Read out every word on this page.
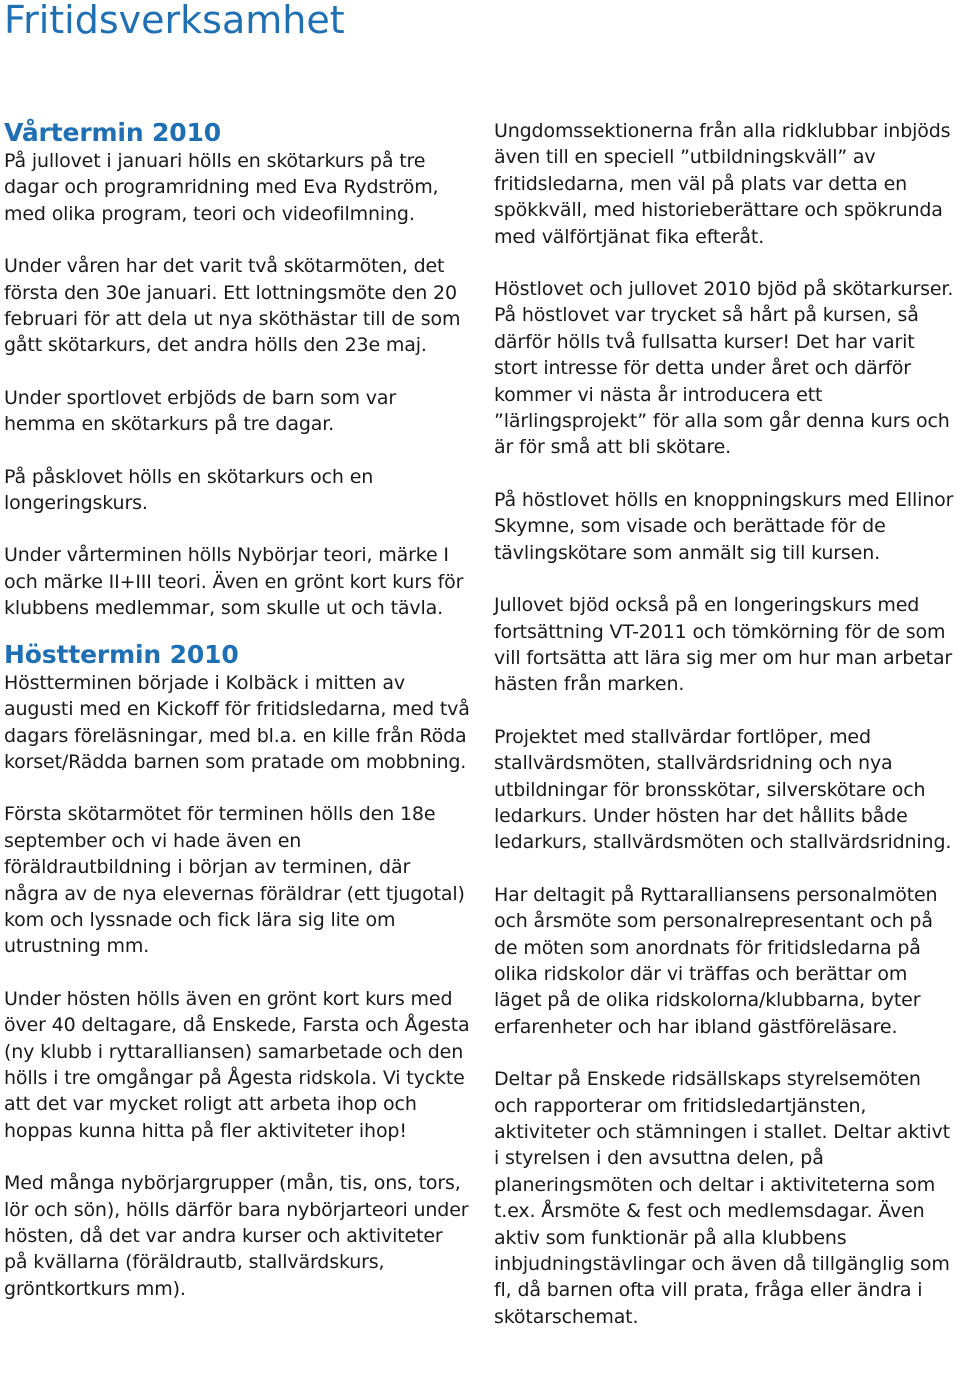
Fritidsverksamhet
Vårtermin 2010

På jullovet i januari hölls en skötarkurs på tre dagar och programridning med Eva Rydström, med olika program, teori och videofilmning.

Under våren har det varit två skötarmöten, det första den 30e januari. Ett lottningsmöte den 20 februari för att dela ut nya sköthästar till de som gått skötarkurs, det andra hölls den 23e maj.

Under sportlovet erbjöds de barn som var hemma en skötarkurs på tre dagar.

På påsklovet hölls en skötarkurs och en longeringskurs.

Under vårterminen hölls Nybörjar teori, märke I och märke II+III teori. Även en grönt kort kurs för klubbens medlemmar, som skulle ut och tävla.

Hösttermin 2010

Höstterminen började i Kolbäck i mitten av augusti med en Kickoff för fritidsledarna, med två dagars föreläsningar, med bl.a. en kille från Röda korset/Rädda barnen som pratade om mobbning.

Första skötarmötet för terminen hölls den 18e september och vi hade även en föräldrautbildning i början av terminen, där några av de nya elevernas föräldrar (ett tjugotal) kom och lyssnade och fick lära sig lite om utrustning mm.

Under hösten hölls även en grönt kort kurs med över 40 deltagare, då Enskede, Farsta och Ågesta (ny klubb i ryttaralliansen) samarbetade och den hölls i tre omgångar på Ågesta ridskola. Vi tyckte att det var mycket roligt att arbeta ihop och hoppas kunna hitta på fler aktiviteter ihop!

Med många nybörjargrupper (mån, tis, ons, tors, lör och sön), hölls därför bara nybörjarteori under hösten, då det var andra kurser och aktiviteter på kvällarna (föräldrautb, stallvärdskurs, gröntkortkurs mm).

Ungdomssektionerna från alla ridklubbar inbjöds även till en speciell ”utbildningskväll” av fritidsledarna, men väl på plats var detta en spökkväll, med historieberättare och spökrunda med välförtjänat fika efteråt.

Höstlovet och jullovet 2010 bjöd på skötarkurser. På höstlovet var trycket så hårt på kursen, så därför hölls två fullsatta kurser! Det har varit stort intresse för detta under året och därför kommer vi nästa år introducera ett ”lärlingsprojekt” för alla som går denna kurs och är för små att bli skötare.

På höstlovet hölls en knoppningskurs med Ellinor Skymne, som visade och berättade för de tävlingskötare som anmält sig till kursen.

Jullovet bjöd också på en longeringskurs med fortsättning VT-2011 och tömkörning för de som vill fortsätta att lära sig mer om hur man arbetar hästen från marken.

Projektet med stallvärdar fortlöper, med stallvärdsmöten, stallvärdsridning och nya utbildningar för bronsskötar, silverskötare och ledarkurs. Under hösten har det hållits både ledarkurs, stallvärdsmöten och stallvärdsridning.

Har deltagit på Ryttaralliansens personalmöten och årsmöte som personalrepresentant och på de möten som anordnats för fritidsledarna på olika ridskolor där vi träffas och berättar om läget på de olika ridskolorna/klubbarna, byter erfarenheter och har ibland gästföreläsare.

Deltar på Enskede ridsällskaps styrelsemöten och rapporterar om fritidsledartjänsten, aktiviteter och stämningen i stallet. Deltar aktivt i styrelsen i den avsuttna delen, på planeringsmöten och deltar i aktiviteterna som t.ex. Årsmöte & fest och medlemsdagar. Även aktiv som funktionär på alla klubbens inbjudningstävlingar och även då tillgänglig som fl, då barnen ofta vill prata, fråga eller ändra i skötarschemat.
